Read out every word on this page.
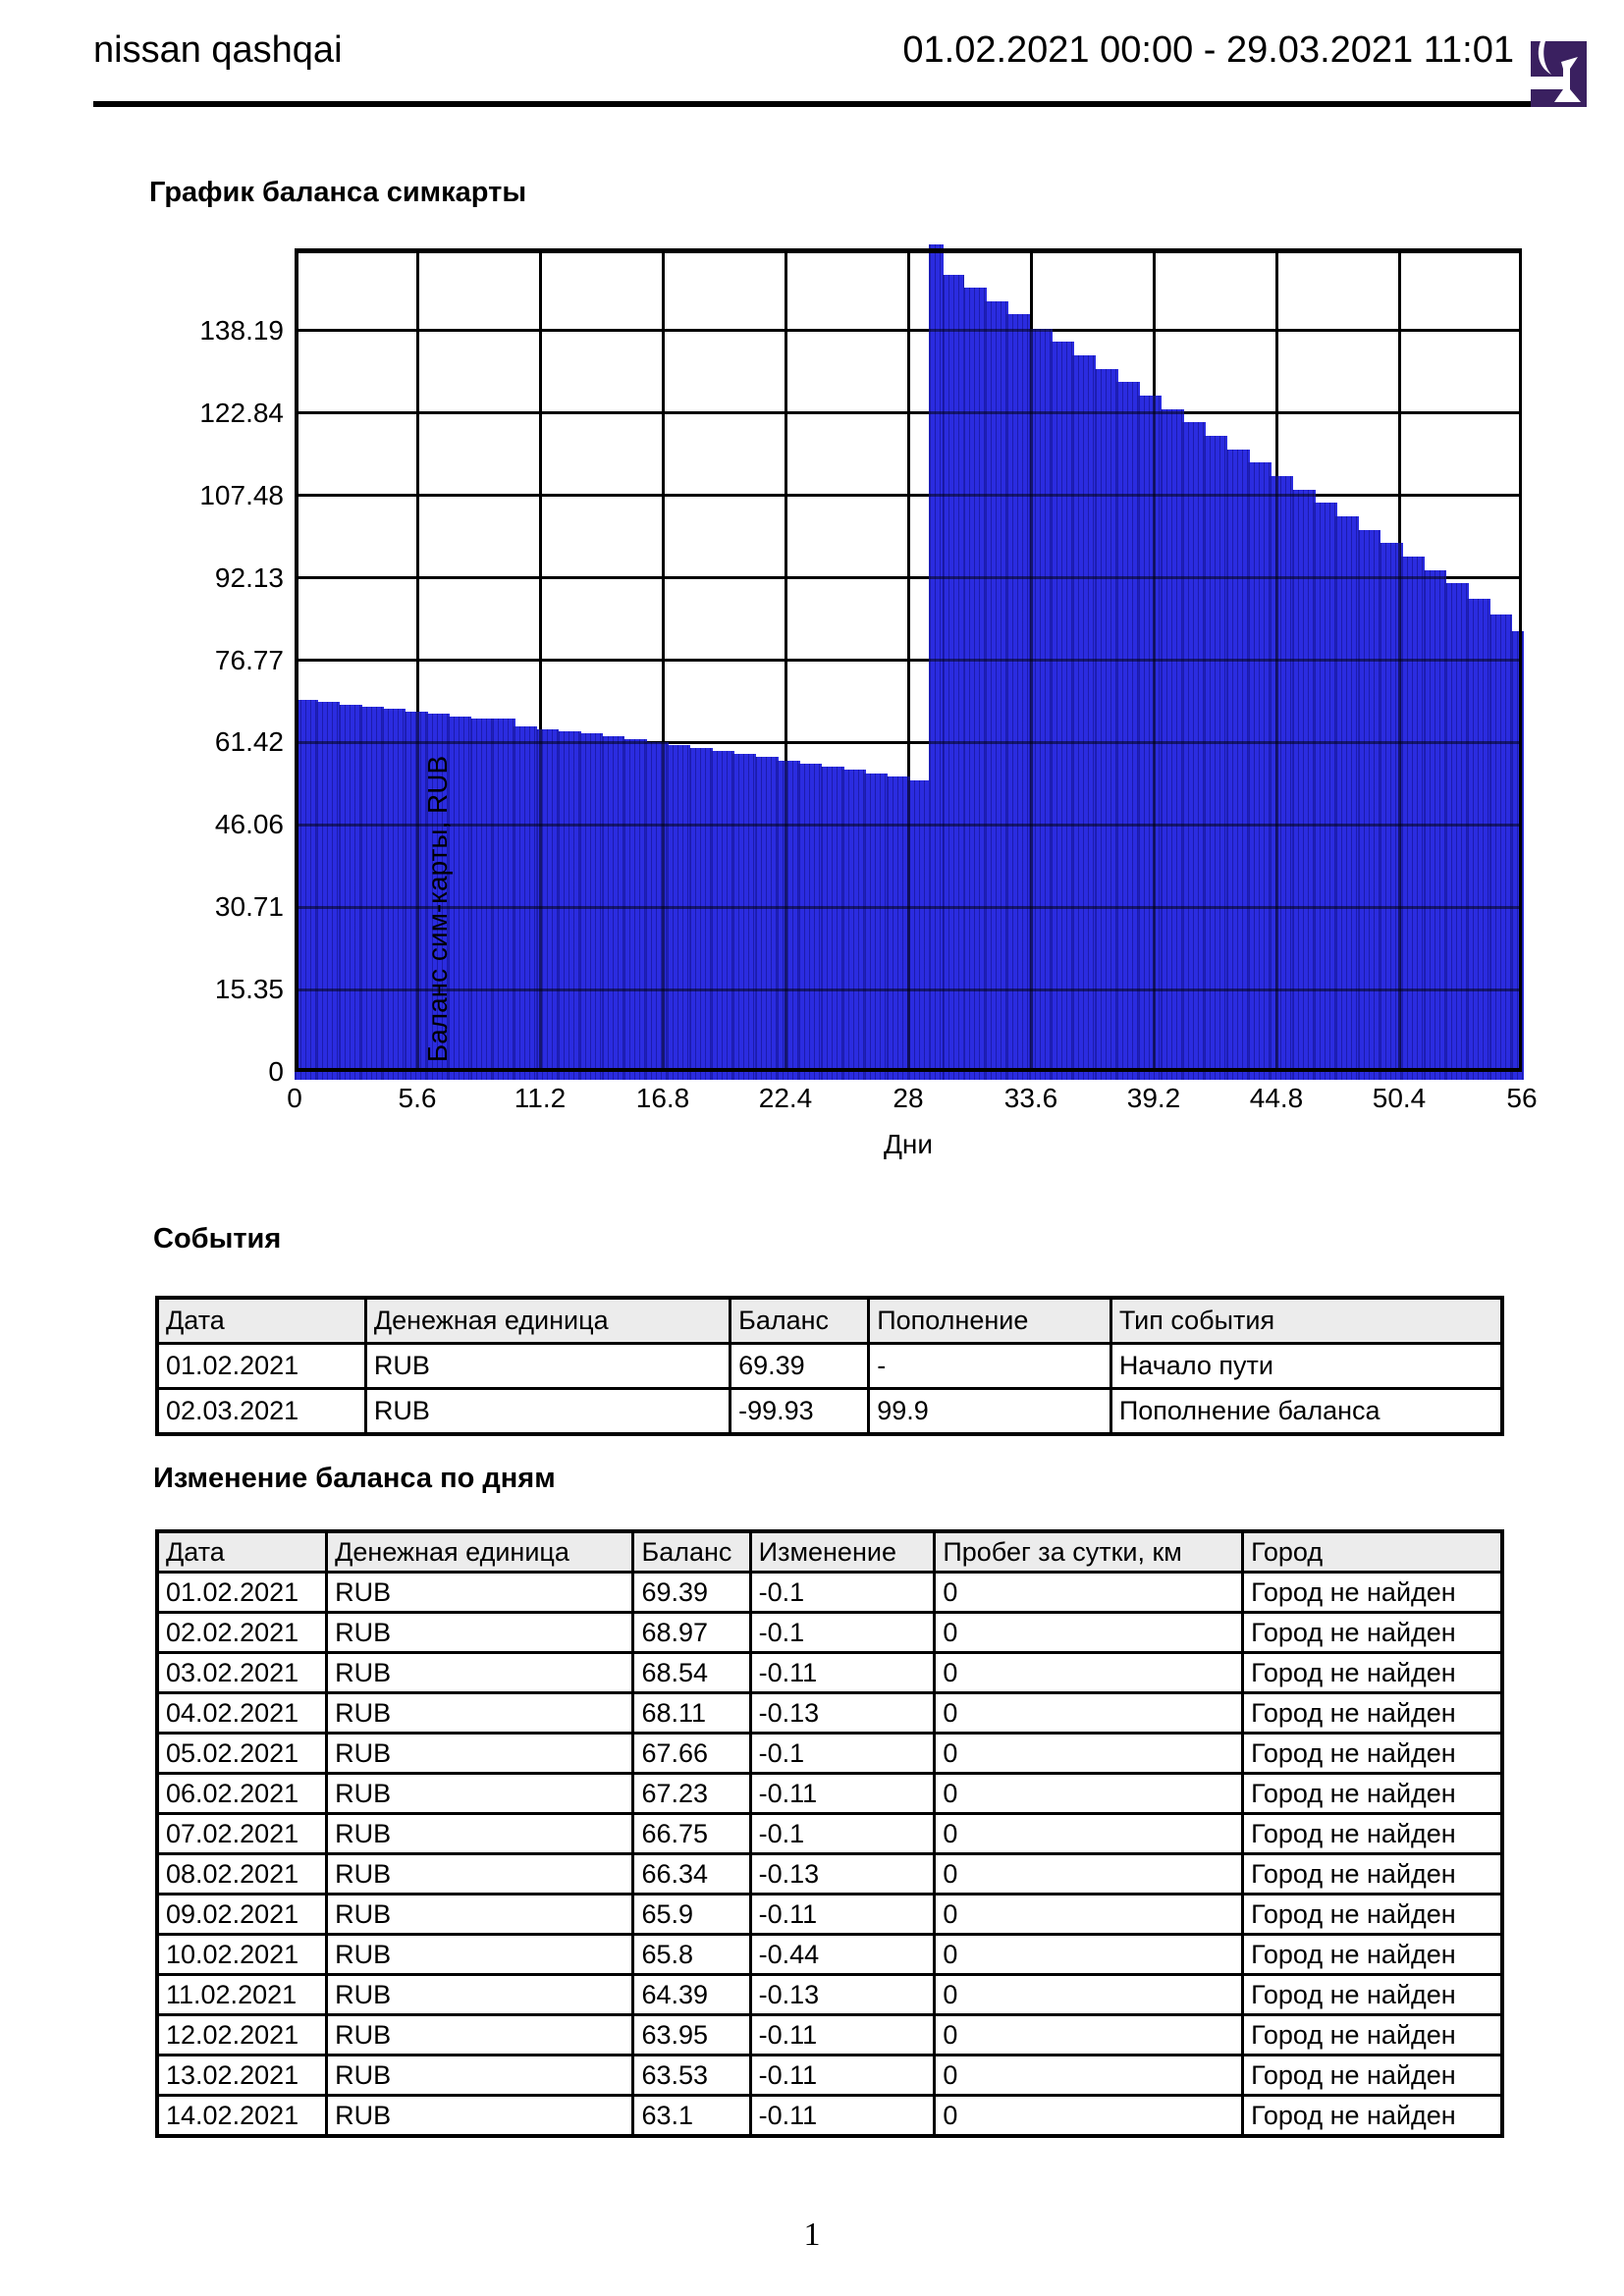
nissan qashqai	01.02.2021 00:00 - 29.03.2021 11:01
График баланса симкарты
Баланс сим-карты, RUB
138.19
122.84
107.48
92.13
76.77
61.42
46.06
30.71
15.35
0
0	5.6	11.2	16.8	22.4	28	33.6	39.2	44.8	50.4	56
Дни
События
Дата	Денежная единица	Баланс	Пополнение	Тип события
01.02.2021	RUB	69.39	-	Начало пути
02.03.2021	RUB	-99.93	99.9	Пополнение баланса
Изменение баланса по дням
Дата	Денежная единица	Баланс	Изменение	Пробег за сутки, км	Город
01.02.2021	RUB	69.39	-0.1	0	Город не найден
02.02.2021	RUB	68.97	-0.1	0	Город не найден
03.02.2021	RUB	68.54	-0.11	0	Город не найден
04.02.2021	RUB	68.11	-0.13	0	Город не найден
05.02.2021	RUB	67.66	-0.1	0	Город не найден
06.02.2021	RUB	67.23	-0.11	0	Город не найден
07.02.2021	RUB	66.75	-0.1	0	Город не найден
08.02.2021	RUB	66.34	-0.13	0	Город не найден
09.02.2021	RUB	65.9	-0.11	0	Город не найден
10.02.2021	RUB	65.8	-0.44	0	Город не найден
11.02.2021	RUB	64.39	-0.13	0	Город не найден
12.02.2021	RUB	63.95	-0.11	0	Город не найден
13.02.2021	RUB	63.53	-0.11	0	Город не найден
14.02.2021	RUB	63.1	-0.11	0	Город не найден
1
